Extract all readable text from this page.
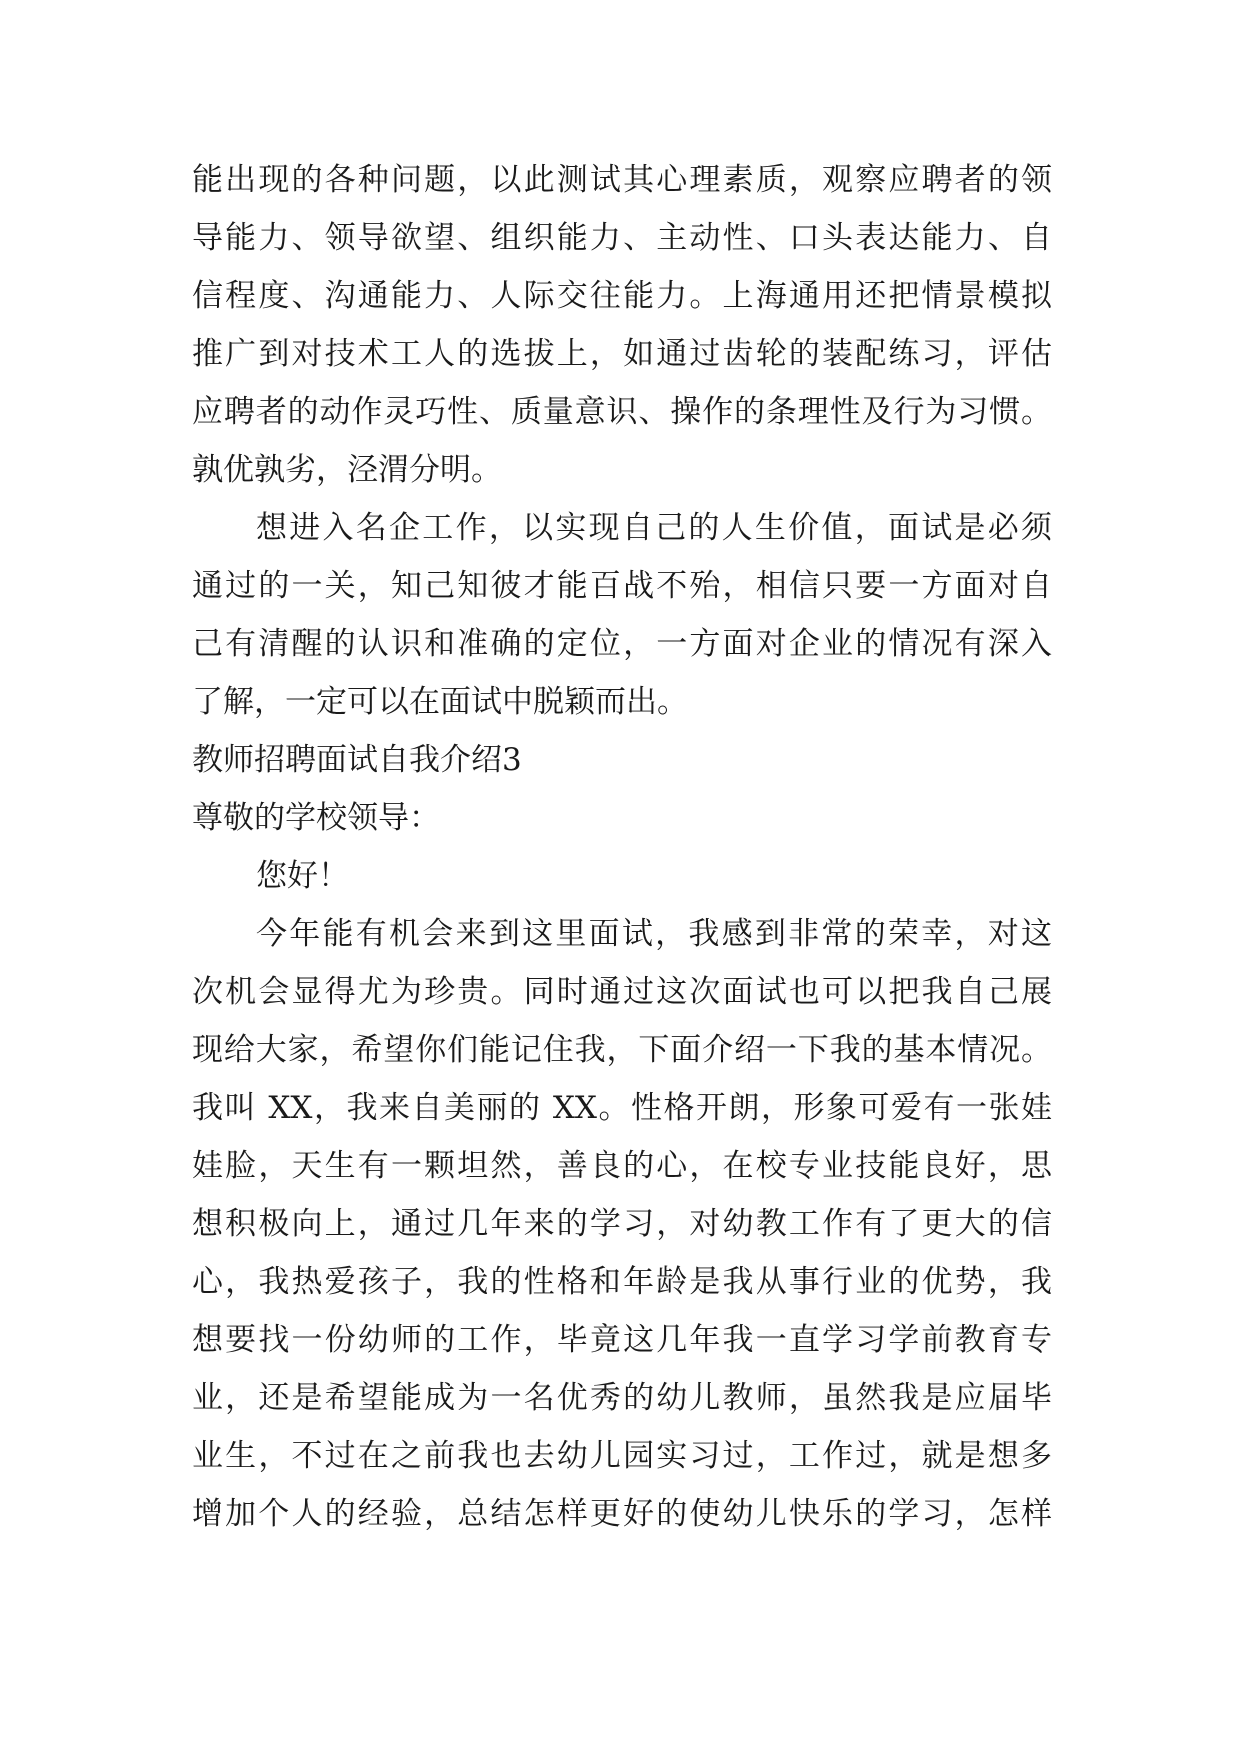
能出现的各种问题，以此测试其心理素质，观察应聘者的领
导能力、领导欲望、组织能力、主动性、口头表达能力、自
信程度、沟通能力、人际交往能力。上海通用还把情景模拟
推广到对技术工人的选拔上，如通过齿轮的装配练习，评估
应聘者的动作灵巧性、质量意识、操作的条理性及行为习惯。
孰优孰劣，泾渭分明。
想进入名企工作，以实现自己的人生价值，面试是必须
通过的一关，知己知彼才能百战不殆，相信只要一方面对自
己有清醒的认识和准确的定位，一方面对企业的情况有深入
了解，一定可以在面试中脱颖而出。
教师招聘面试自我介绍3
尊敬的学校领导：
您好！
今年能有机会来到这里面试，我感到非常的荣幸，对这
次机会显得尤为珍贵。同时通过这次面试也可以把我自己展
现给大家，希望你们能记住我，下面介绍一下我的基本情况。
我叫 XX，我来自美丽的 XX。性格开朗，形象可爱有一张娃
娃脸，天生有一颗坦然，善良的心，在校专业技能良好，思
想积极向上，通过几年来的学习，对幼教工作有了更大的信
心，我热爱孩子，我的性格和年龄是我从事行业的优势，我
想要找一份幼师的工作，毕竟这几年我一直学习学前教育专
业，还是希望能成为一名优秀的幼儿教师，虽然我是应届毕
业生，不过在之前我也去幼儿园实习过，工作过，就是想多
增加个人的经验，总结怎样更好的使幼儿快乐的学习，怎样
